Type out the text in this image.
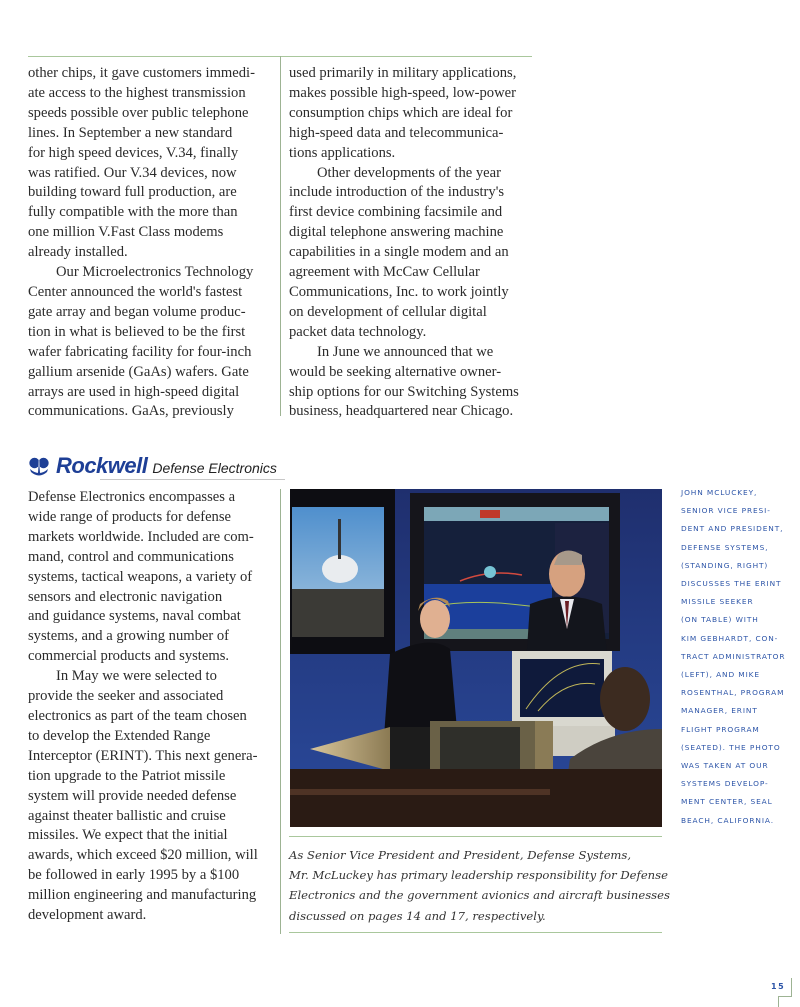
other chips, it gave customers immedi-
ate access to the highest transmission
speeds possible over public telephone
lines. In September a new standard
for high speed devices, V.34, finally
was ratified. Our V.34 devices, now
building toward full production, are
fully compatible with the more than
one million V.Fast Class modems
already installed.
Our Microelectronics Technology
Center announced the world's fastest
gate array and began volume produc-
tion in what is believed to be the first
wafer fabricating facility for four-inch
gallium arsenide (GaAs) wafers. Gate
arrays are used in high-speed digital
communications. GaAs, previously
used primarily in military applications,
makes possible high-speed, low-power
consumption chips which are ideal for
high-speed data and telecommunica-
tions applications.
Other developments of the year
include introduction of the industry's
first device combining facsimile and
digital telephone answering machine
capabilities in a single modem and an
agreement with McCaw Cellular
Communications, Inc. to work jointly
on development of cellular digital
packet data technology.
In June we announced that we
would be seeking alternative owner-
ship options for our Switching Systems
business, headquartered near Chicago.
Rockwell Defense Electronics
Defense Electronics encompasses a
wide range of products for defense
markets worldwide. Included are com-
mand, control and communications
systems, tactical weapons, a variety of
sensors and electronic navigation
and guidance systems, naval combat
systems, and a growing number of
commercial products and systems.
In May we were selected to
provide the seeker and associated
electronics as part of the team chosen
to develop the Extended Range
Interceptor (ERINT). This next genera-
tion upgrade to the Patriot missile
system will provide needed defense
against theater ballistic and cruise
missiles. We expect that the initial
awards, which exceed $20 million, will
be followed in early 1995 by a $100
million engineering and manufacturing
development award.
JOHN MCLUCKEY,
SENIOR VICE PRESI-
DENT AND PRESIDENT,
DEFENSE SYSTEMS,
(STANDING, RIGHT)
DISCUSSES THE ERINT
MISSILE SEEKER
(ON TABLE) WITH
KIM GEBHARDT, CON-
TRACT ADMINISTRATOR
(LEFT), AND MIKE
ROSENTHAL, PROGRAM
MANAGER, ERINT
FLIGHT PROGRAM
(SEATED). THE PHOTO
WAS TAKEN AT OUR
SYSTEMS DEVELOP-
MENT CENTER, SEAL
BEACH, CALIFORNIA.
As Senior Vice President and President, Defense Systems,
Mr. McLuckey has primary leadership responsibility for Defense
Electronics and the government avionics and aircraft businesses
discussed on pages 14 and 17, respectively.
15
